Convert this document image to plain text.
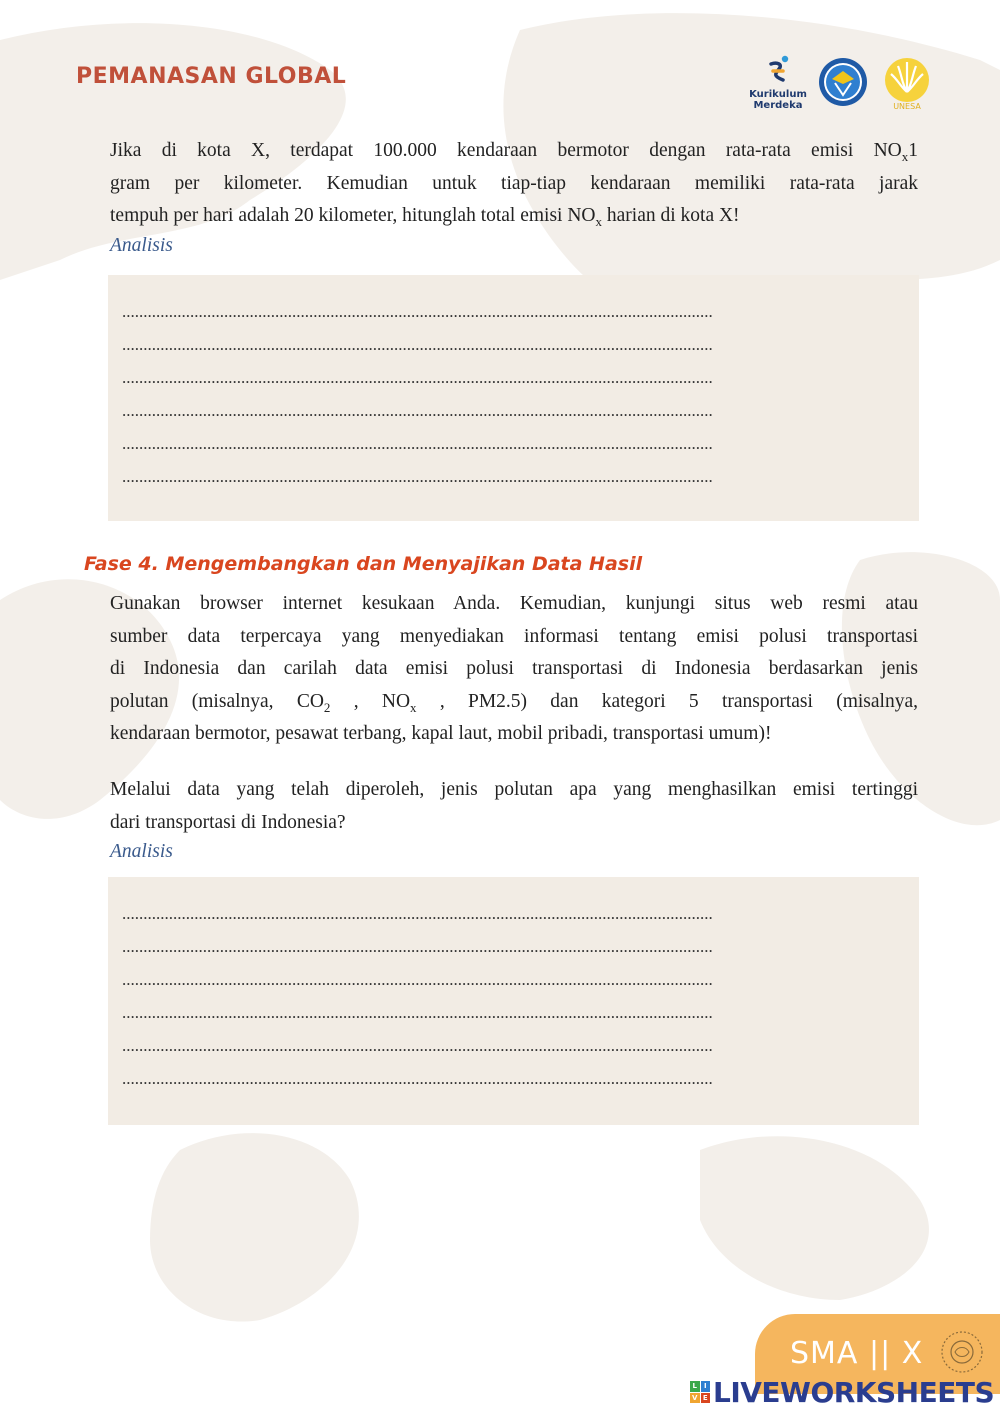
PEMANASAN GLOBAL
Kurikulum
Merdeka	UNESA
Jika di kota X, terdapat 100.000 kendaraan bermotor dengan rata-rata emisi $NO_x1$
gram per kilometer. Kemudian untuk tiap-tiap kendaraan memiliki rata-rata jarak
tempuh per hari adalah 20 kilometer, hitunglah total emisi $NO_x$ harian di kota X!
Analisis
...........................................................................................................................................
...........................................................................................................................................
...........................................................................................................................................
...........................................................................................................................................
...........................................................................................................................................
...........................................................................................................................................
Fase 4. Mengembangkan dan Menyajikan Data Hasil
Gunakan browser internet kesukaan Anda. Kemudian, kunjungi situs web resmi atau
sumber data terpercaya yang menyediakan informasi tentang emisi polusi transportasi
di Indonesia dan carilah data emisi polusi transportasi di Indonesia berdasarkan jenis
polutan (misalnya, $CO_2$ , $NO_x$ , PM2.5) dan kategori 5 transportasi (misalnya,
kendaraan bermotor, pesawat terbang, kapal laut, mobil pribadi, transportasi umum)!
Melalui data yang telah diperoleh, jenis polutan apa yang menghasilkan emisi tertinggi
dari transportasi di Indonesia?
Analisis
...........................................................................................................................................
...........................................................................................................................................
...........................................................................................................................................
...........................................................................................................................................
...........................................................................................................................................
...........................................................................................................................................
SMA || X
L I
V E LIVEWORKSHEETS
